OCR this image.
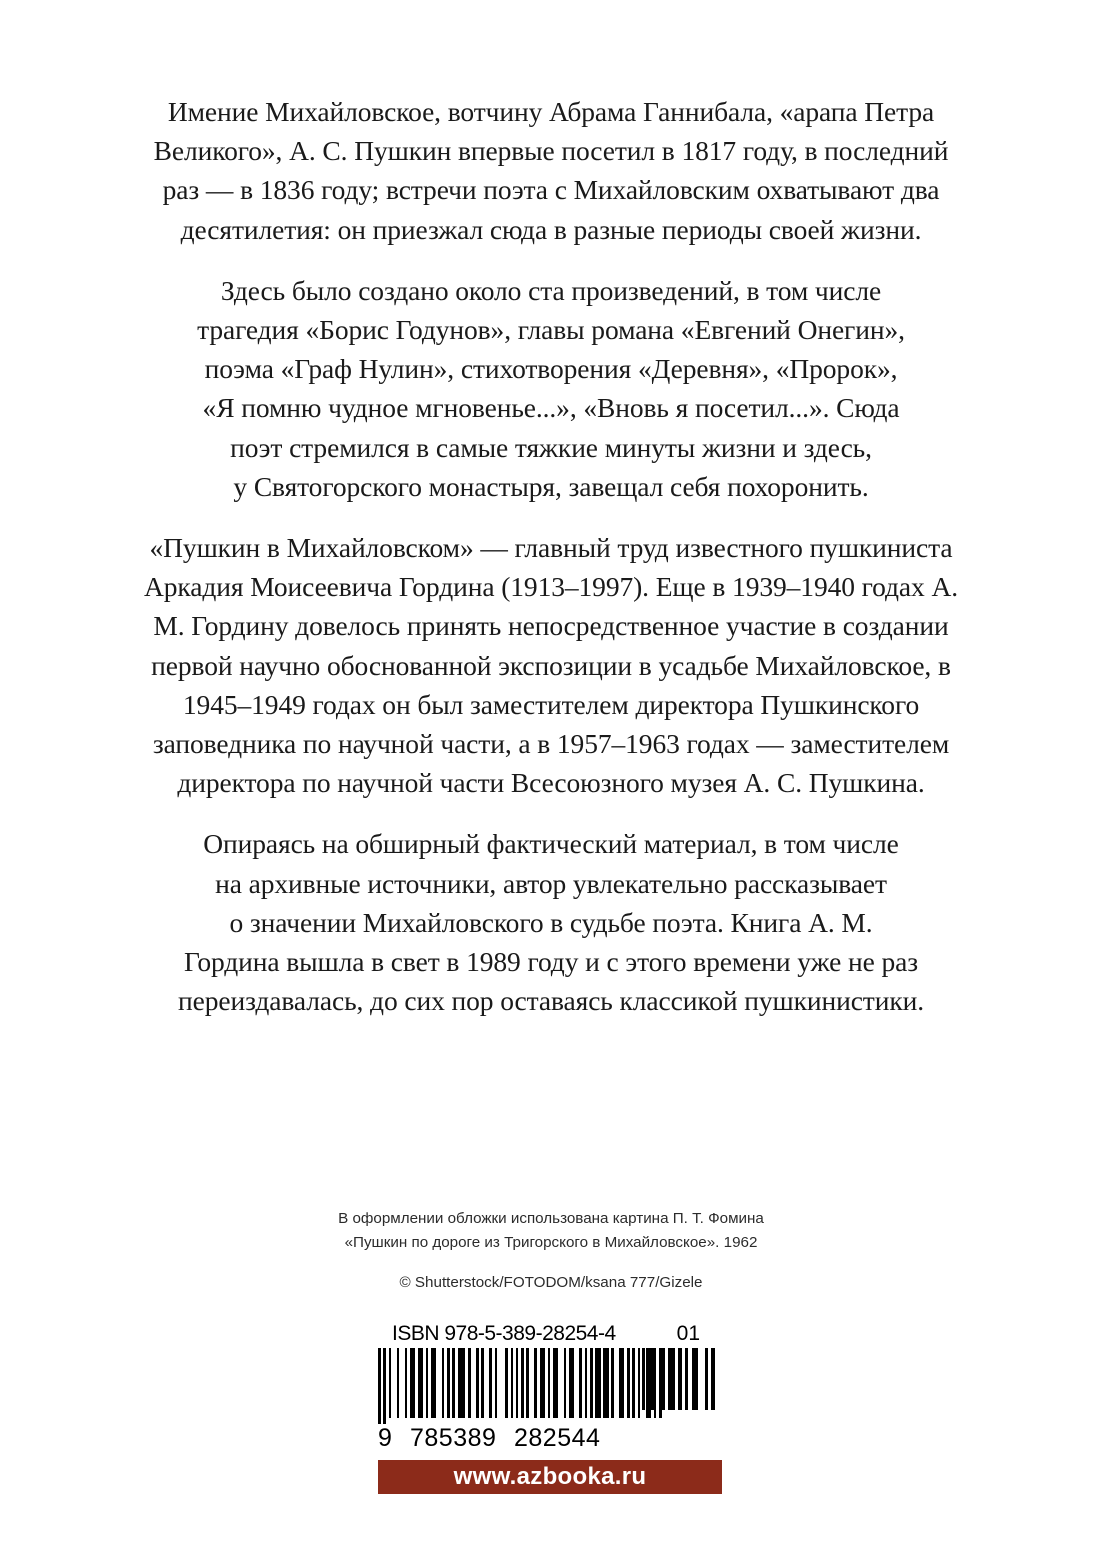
Имение Михайловское, вотчину Абрама Ганнибала, «арапа Петра Великого», А. С. Пушкин впервые посетил в 1817 году, в последний раз — в 1836 году; встречи поэта с Михайловским охватывают два десятилетия: он приезжал сюда в разные периоды своей жизни.

Здесь было создано около ста произведений, в том числе трагедия «Борис Годунов», главы романа «Евгений Онегин», поэма «Граф Нулин», стихотворения «Деревня», «Пророк», «Я помню чудное мгновенье...», «Вновь я посетил...». Сюда поэт стремился в самые тяжкие минуты жизни и здесь, у Святогорского монастыря, завещал себя похоронить.

«Пушкин в Михайловском» — главный труд известного пушкиниста Аркадия Моисеевича Гордина (1913–1997). Еще в 1939–1940 годах А. М. Гордину довелось принять непосредственное участие в создании первой научно обоснованной экспозиции в усадьбе Михайловское, в 1945–1949 годах он был заместителем директора Пушкинского заповедника по научной части, а в 1957–1963 годах — заместителем директора по научной части Всесоюзного музея А. С. Пушкина.

Опираясь на обширный фактический материал, в том числе на архивные источники, автор увлекательно рассказывает о значении Михайловского в судьбе поэта. Книга А. М. Гордина вышла в свет в 1989 году и с этого времени уже не раз переиздавалась, до сих пор оставаясь классикой пушкинистики.

В оформлении обложки использована картина П. Т. Фомина
«Пушкин по дороге из Тригорского в Михайловское». 1962

© Shutterstock/FOTODOM/ksana 777/Gizele

ISBN 978-5-389-28254-4	01
9 785389 282544
www.azbooka.ru
